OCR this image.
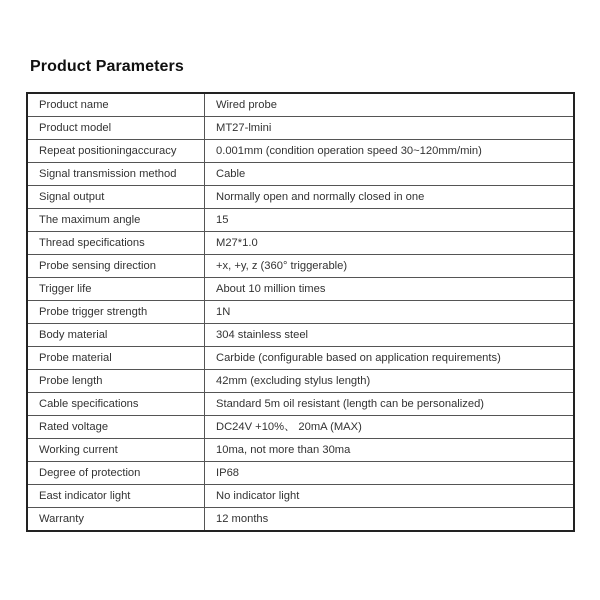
Product Parameters
Product name	Wired probe
Product model	MT27-lmini
Repeat positioningaccuracy	0.001mm (condition operation speed 30~120mm/min)
Signal transmission method	Cable
Signal output	Normally open and normally closed in one
The maximum angle	15
Thread specifications	M27*1.0
Probe sensing direction	+x, +y, z (360° triggerable)
Trigger life	About 10 million times
Probe trigger strength	1N
Body material	304 stainless steel
Probe material	Carbide (configurable based on application requirements)
Probe length	42mm (excluding stylus length)
Cable specifications	Standard 5m oil resistant (length can be personalized)
Rated voltage	DC24V +10%、 20mA (MAX)
Working current	10ma, not more than 30ma
Degree of protection	IP68
East indicator light	No indicator light
Warranty	12 months
